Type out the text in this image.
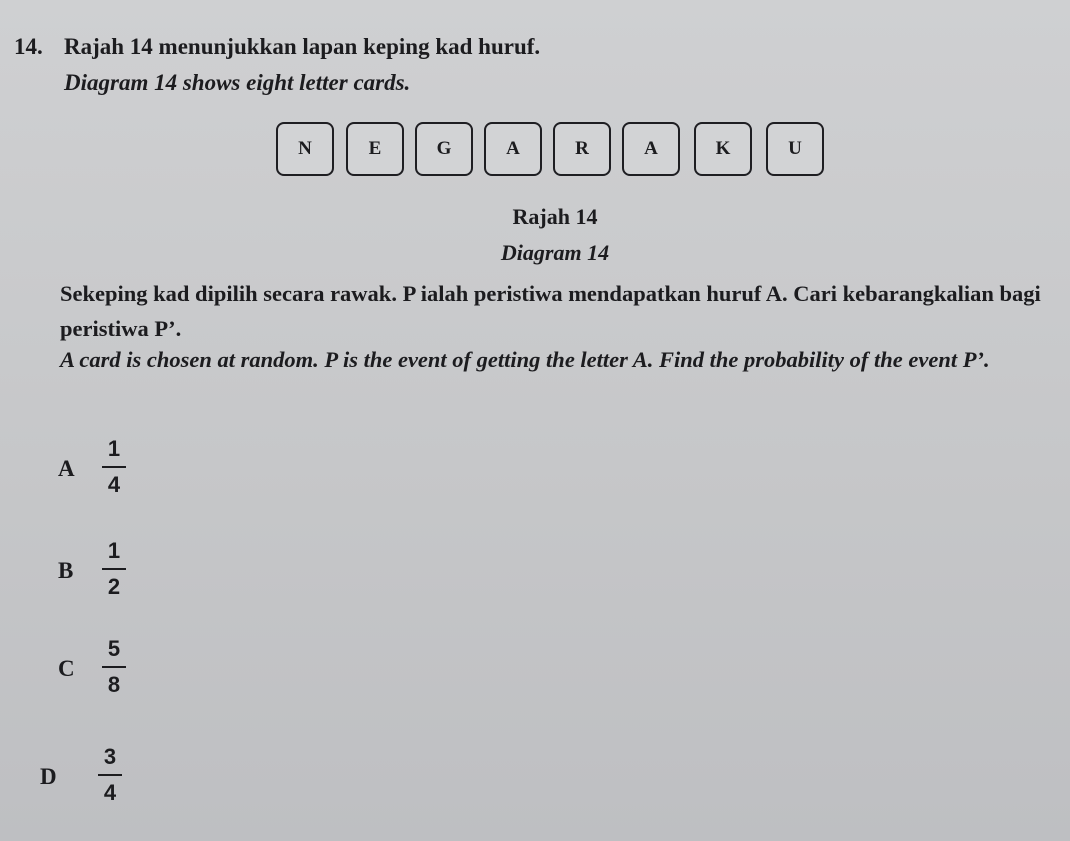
14. Rajah 14 menunjukkan lapan keping kad huruf.
Diagram 14 shows eight letter cards.
N	E	G	A	R	A	K	U
Rajah 14
Diagram 14
Sekeping kad dipilih secara rawak. P ialah peristiwa mendapatkan huruf A. Cari kebarangkalian bagi peristiwa P’.
A card is chosen at random. P is the event of getting the letter A. Find the probability of the event P’.
A
1
4
B
1
2
C
5
8
D
3
4
